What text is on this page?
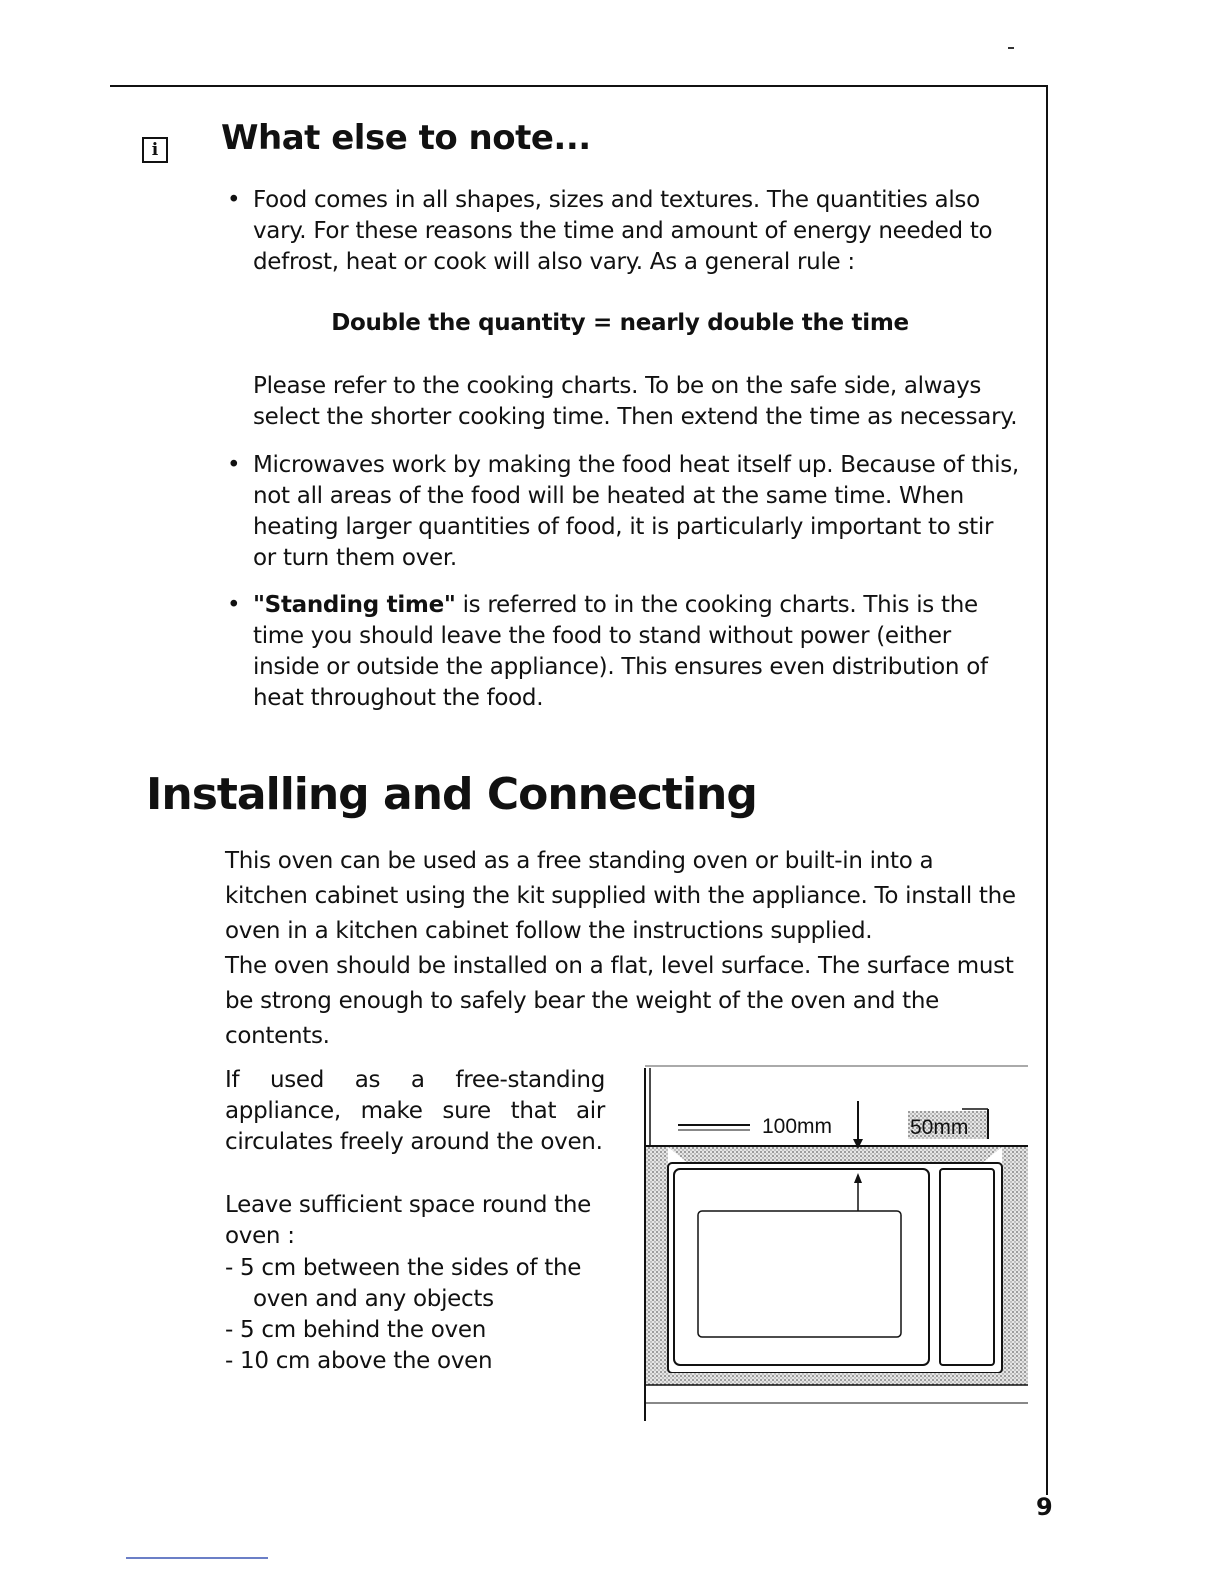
i What else to note...

• Food comes in all shapes, sizes and textures. The quantities also vary. For these reasons the time and amount of energy needed to defrost, heat or cook will also vary. As a general rule :

Double the quantity = nearly double the time

Please refer to the cooking charts. To be on the safe side, always select the shorter cooking time. Then extend the time as necessary.

• Microwaves work by making the food heat itself up. Because of this, not all areas of the food will be heated at the same time. When heating larger quantities of food, it is particularly important to stir or turn them over.

• "Standing time" is referred to in the cooking charts. This is the time you should leave the food to stand without power (either inside or outside the appliance). This ensures even distribution of heat throughout the food.

Installing and Connecting

This oven can be used as a free standing oven or built-in into a kitchen cabinet using the kit supplied with the appliance. To install the oven in a kitchen cabinet follow the instructions supplied.

The oven should be installed on a flat, level surface. The surface must be strong enough to safely bear the weight of the oven and the contents.

If used as a free-standing appliance, make sure that air circulates freely around the oven.

Leave sufficient space round the oven :

- 5 cm between the sides of the oven and any objects
- 5 cm behind the oven
- 10 cm above the oven
100mm	50mm
9
